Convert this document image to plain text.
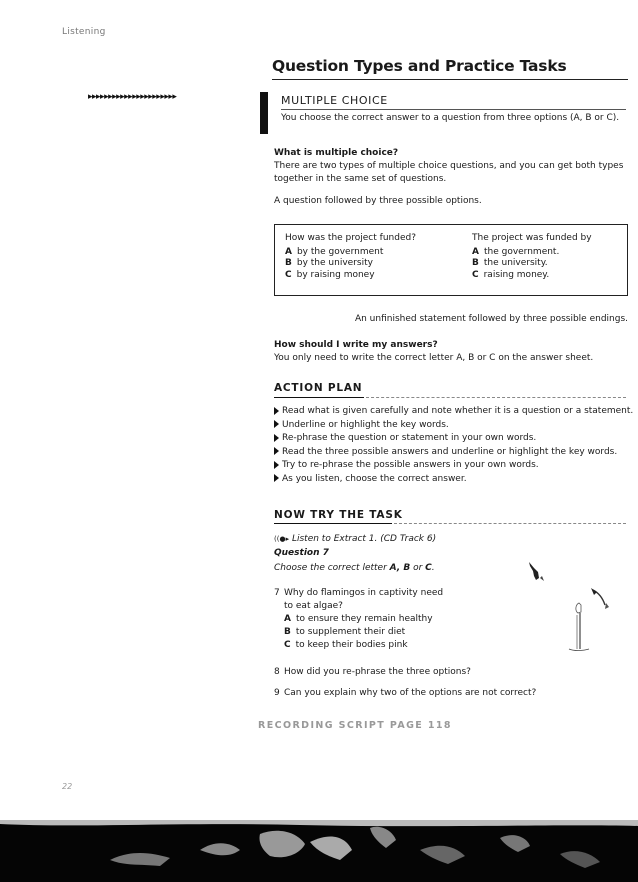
Listening
Question Types and Practice Tasks
▸▸▸▸▸▸▸▸▸▸▸▸▸▸▸▸▸▸▸▸▸▸	MULTIPLE CHOICE
You choose the correct answer to a question from three options (A, B or C).
What is multiple choice?
There are two types of multiple choice questions, and you can get both types
together in the same set of questions.
A question followed by three possible options.
How was the project funded?
A by the government
B by the university
C by raising money
The project was funded by
A the government.
B the university.
C raising money.
An unfinished statement followed by three possible endings.
How should I write my answers?
You only need to write the correct letter A, B or C on the answer sheet.
ACTION PLAN
Read what is given carefully and note whether it is a question or a statement.
Underline or highlight the key words.
Re-phrase the question or statement in your own words.
Read the three possible answers and underline or highlight the key words.
Try to re-phrase the possible answers in your own words.
As you listen, choose the correct answer.
NOW TRY THE TASK
((●▸ Listen to Extract 1. (CD Track 6)
Question 7
Choose the correct letter A, B or C.
7 Why do flamingos in captivity need
to eat algae?
A to ensure they remain healthy
B to supplement their diet
C to keep their bodies pink
8 How did you re-phrase the three options?
9 Can you explain why two of the options are not correct?
RECORDING SCRIPT PAGE 118
22
